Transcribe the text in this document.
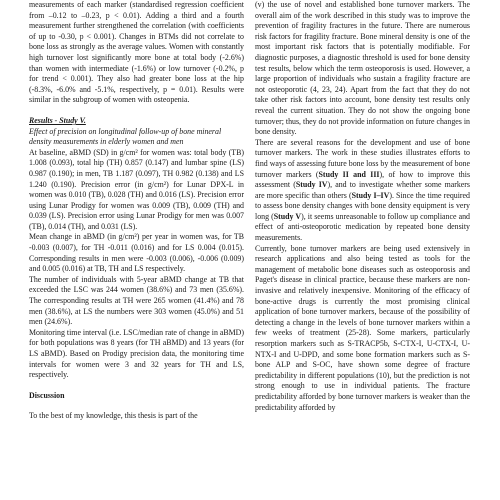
measurements of each marker (standardised regression coefficient from –0.12 to –0.23, p < 0.01). Adding a third and a fourth measurement further strengthened the correlation (with coefficients of up to -0.30, p < 0.001). Changes in BTMs did not correlate to bone loss as strongly as the average values. Women with constantly high turnover lost significantly more bone at total body (-2.6%) than women with intermediate (-1.6%) or low turnover (-0.2%, p for trend < 0.001). They also had greater bone loss at the hip (-8.3%, -6.0% and -5.1%, respectively, p = 0.01). Results were similar in the subgroup of women with osteopenia.

Results - Study V.

Effect of precision on longitudinal follow-up of bone mineral density measurements in elderly women and men

At baseline, aBMD (SD) in g/cm² for women was: total body (TB) 1.008 (0.093), total hip (TH) 0.857 (0.147) and lumbar spine (LS) 0.987 (0.190); in men, TB 1.187 (0.097), TH 0.982 (0.138) and LS 1.240 (0.190). Precision error (in g/cm²) for Lunar DPX-L in women was 0.010 (TB), 0.028 (TH) and 0.016 (LS). Precision error using Lunar Prodigy for women was 0.009 (TB), 0.009 (TH) and 0.039 (LS). Precision error using Lunar Prodigy for men was 0.007 (TB), 0.014 (TH), and 0.031 (LS).

Mean change in aBMD (in g/cm²) per year in women was, for TB -0.003 (0.007), for TH -0.011 (0.016) and for LS 0.004 (0.015). Corresponding results in men were -0.003 (0.006), -0.006 (0.009) and 0.005 (0.016) at TB, TH and LS respectively.

The number of individuals with 5-year aBMD change at TB that exceeded the LSC was 244 women (38.6%) and 73 men (35.6%). The corresponding results at TH were 265 women (41.4%) and 78 men (38.6%), at LS the numbers were 303 women (45.0%) and 51 men (24.6%).

Monitoring time interval (i.e. LSC/median rate of change in aBMD) for both populations was 8 years (for TH aBMD) and 13 years (for LS aBMD). Based on Prodigy precision data, the monitoring time intervals for women were 3 and 32 years for TH and LS, respectively.

Discussion

To the best of my knowledge, this thesis is part of the

(v) the use of novel and established bone turnover markers. The overall aim of the work described in this study was to improve the prevention of fragility fractures in the future. There are numerous risk factors for fragility fracture. Bone mineral density is one of the most important risk factors that is potentially modifiable. For diagnostic purposes, a diagnostic threshold is used for bone density test results, below which the term osteoporosis is used. However, a large proportion of individuals who sustain a fragility fracture are not osteoporotic (4, 23, 24). Apart from the fact that they do not take other risk factors into account, bone density test results only reveal the current situation. They do not show the ongoing bone turnover; thus, they do not provide information on future changes in bone density.

There are several reasons for the development and use of bone turnover markers. The work in these studies illustrates efforts to find ways of assessing future bone loss by the measurement of bone turnover markers (Study II and III), of how to improve this assessment (Study IV), and to investigate whether some markers are more specific than others (Study I–IV). Since the time required to assess bone density changes with bone density equipment is very long (Study V), it seems unreasonable to follow up compliance and effect of anti-osteoporotic medication by repeated bone density measurements.

Currently, bone turnover markers are being used extensively in research applications and also being tested as tools for the management of metabolic bone diseases such as osteoporosis and Paget's disease in clinical practice, because these markers are non-invasive and relatively inexpensive. Monitoring of the efficacy of bone-active drugs is currently the most promising clinical application of bone turnover markers, because of the possibility of detecting a change in the levels of bone turnover markers within a few weeks of treatment (25-28). Some markers, particularly resorption markers such as S-TRACP5b, S-CTX-I, U-CTX-I, U-NTX-I and U-DPD, and some bone formation markers such as S-bone ALP and S-OC, have shown some degree of fracture predictability in different populations (10), but the prediction is not strong enough to use in individual patients. The fracture predictability afforded by bone turnover markers is weaker than the predictability afforded by
